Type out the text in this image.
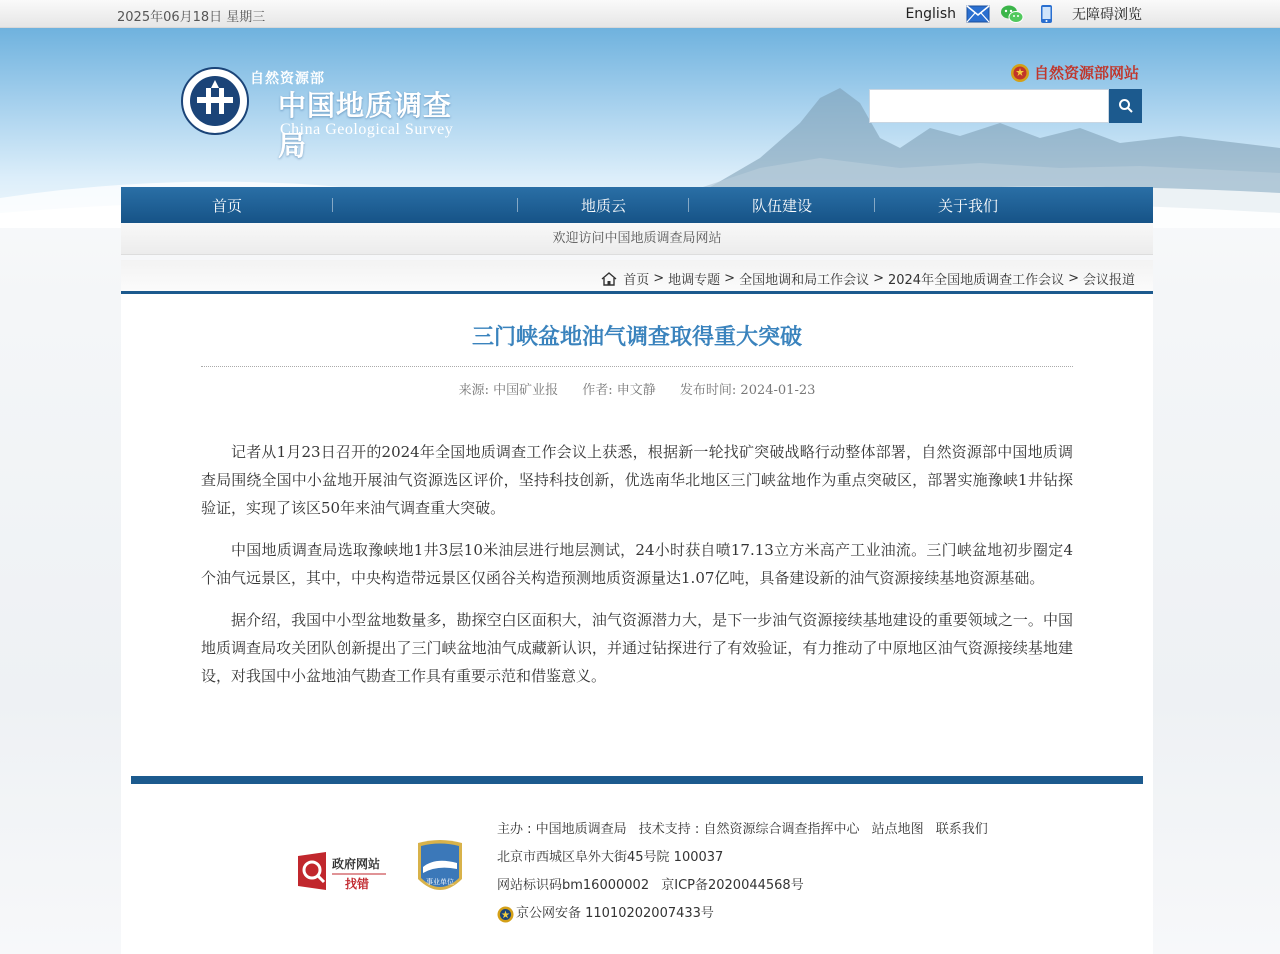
2025年06月18日 星期三	English	无障碍浏览
自然资源部
中国地质调查局
China Geological Survey
自然资源部网站
首页	地质云	队伍建设	关于我们
欢迎访问中国地质调查局网站
首页 > 地调专题 > 全国地调和局工作会议 > 2024年全国地质调查工作会议 > 会议报道
三门峡盆地油气调查取得重大突破
来源: 中国矿业报 作者: 申文静 发布时间: 2024-01-23

记者从1月23日召开的2024年全国地质调查工作会议上获悉，根据新一轮找矿突破战略行动整体部署，自然资源部中国地质调查局围绕全国中小盆地开展油气资源选区评价，坚持科技创新，优选南华北地区三门峡盆地作为重点突破区，部署实施豫峡1井钻探验证，实现了该区50年来油气调查重大突破。

中国地质调查局选取豫峡地1井3层10米油层进行地层测试，24小时获自喷17.13立方米高产工业油流。三门峡盆地初步圈定4个油气远景区，其中，中央构造带远景区仅函谷关构造预测地质资源量达1.07亿吨，具备建设新的油气资源接续基地资源基础。

据介绍，我国中小型盆地数量多，勘探空白区面积大，油气资源潜力大，是下一步油气资源接续基地建设的重要领域之一。中国地质调查局攻关团队创新提出了三门峡盆地油气成藏新认识，并通过钻探进行了有效验证，有力推动了中原地区油气资源接续基地建设，对我国中小盆地油气勘查工作具有重要示范和借鉴意义。

政府网站
找错	事业单位
主办 : 中国地质调查局 技术支持 : 自然资源综合调查指挥中心 站点地图 联系我们
北京市西城区阜外大街45号院 100037
网站标识码bm16000002 京ICP备2020044568号
京公网安备 11010202007433号
